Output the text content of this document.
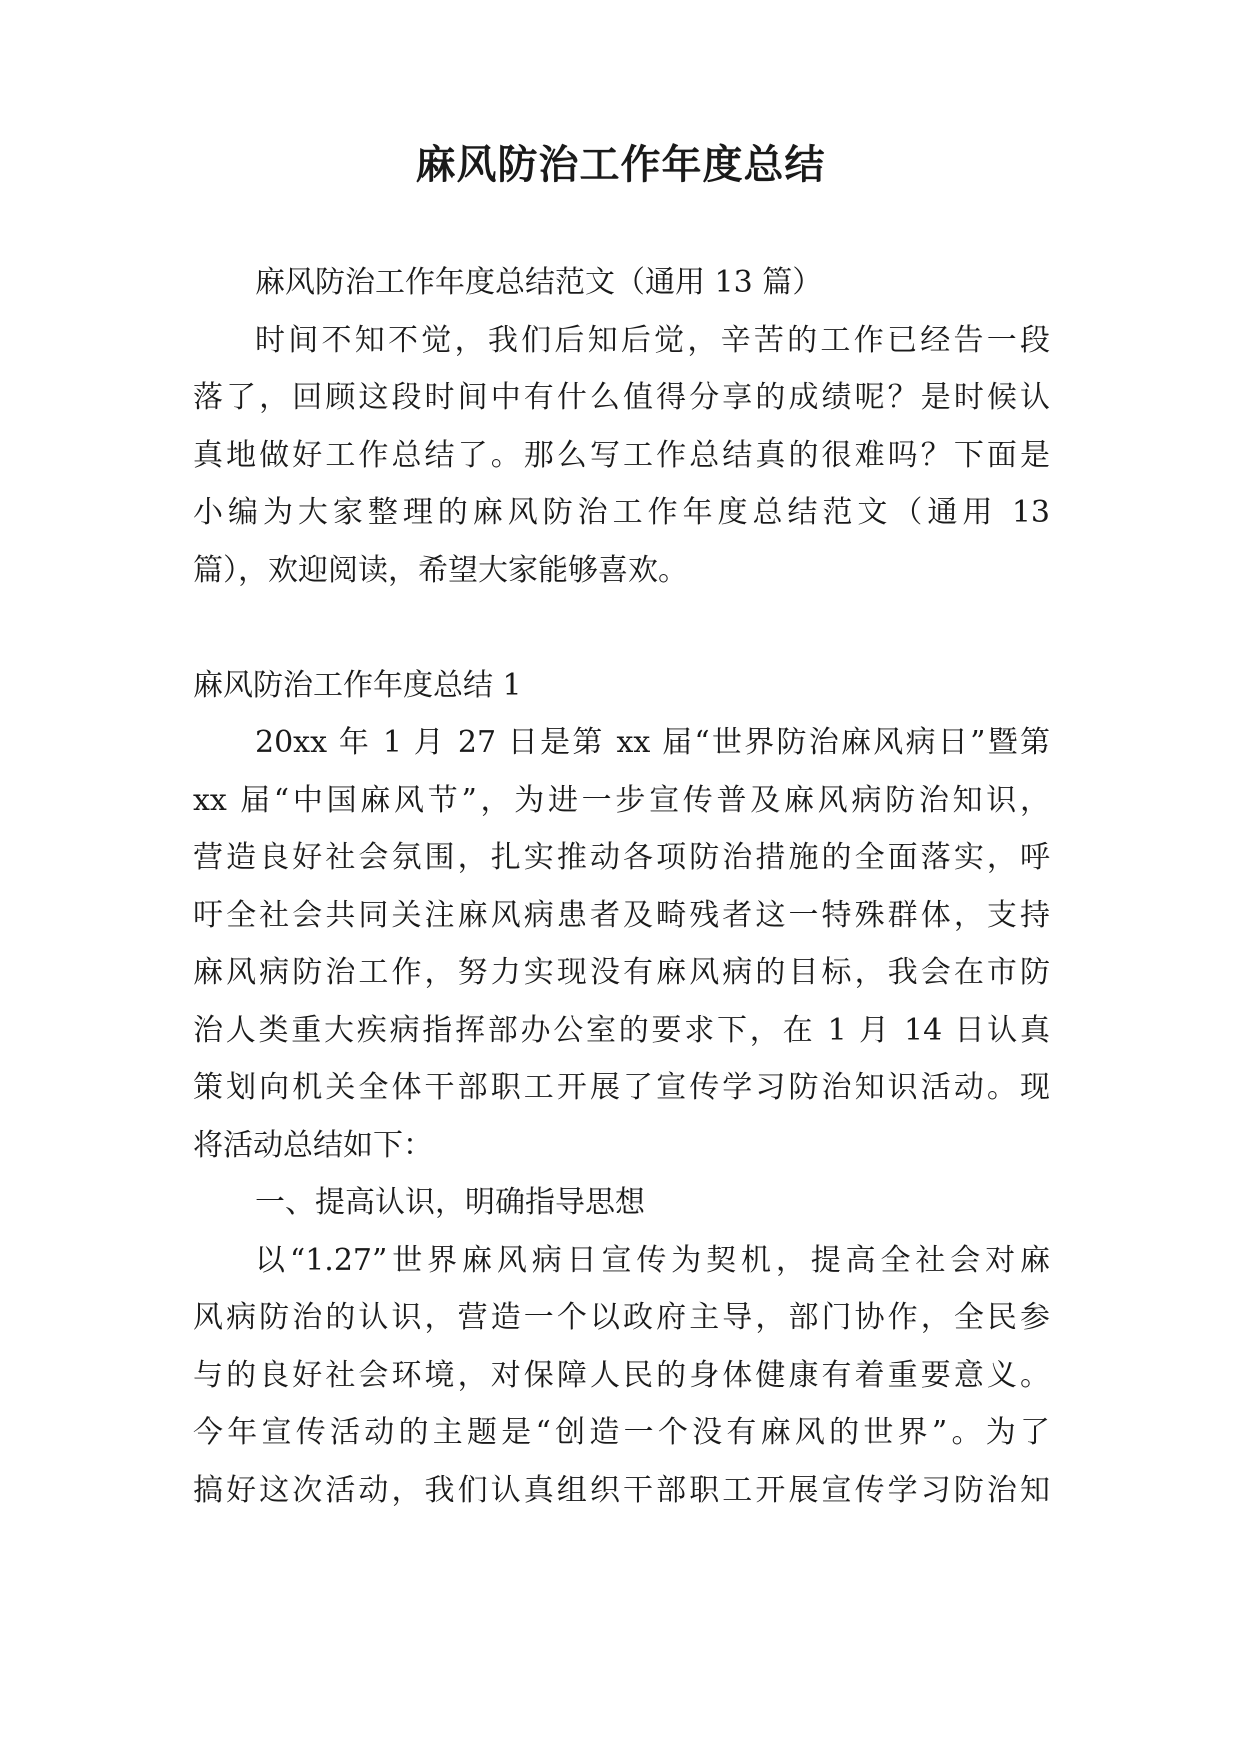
麻风防治工作年度总结
麻风防治工作年度总结范文（通用 13 篇）
时间不知不觉，我们后知后觉，辛苦的工作已经告一段
落了，回顾这段时间中有什么值得分享的成绩呢？是时候认
真地做好工作总结了。那么写工作总结真的很难吗？下面是
小编为大家整理的麻风防治工作年度总结范文（通用 13
篇），欢迎阅读，希望大家能够喜欢。
麻风防治工作年度总结 1
20xx 年 1 月 27 日是第 xx 届“世界防治麻风病日”暨第
xx 届“中国麻风节”，为进一步宣传普及麻风病防治知识，
营造良好社会氛围，扎实推动各项防治措施的全面落实，呼
吁全社会共同关注麻风病患者及畸残者这一特殊群体，支持
麻风病防治工作，努力实现没有麻风病的目标，我会在市防
治人类重大疾病指挥部办公室的要求下，在 1 月 14 日认真
策划向机关全体干部职工开展了宣传学习防治知识活动。现
将活动总结如下：
一、提高认识，明确指导思想
以“1.27”世界麻风病日宣传为契机，提高全社会对麻
风病防治的认识，营造一个以政府主导，部门协作，全民参
与的良好社会环境，对保障人民的身体健康有着重要意义。
今年宣传活动的主题是“创造一个没有麻风的世界”。为了
搞好这次活动，我们认真组织干部职工开展宣传学习防治知
